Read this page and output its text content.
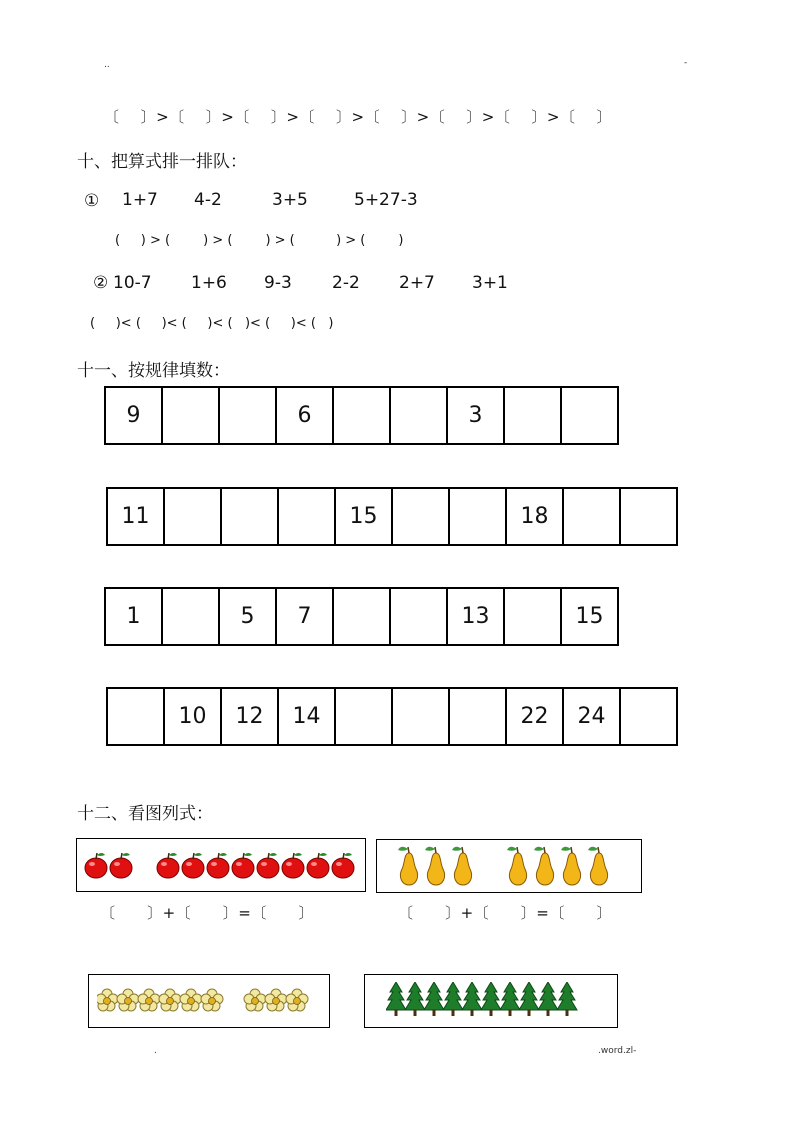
..	-
〔    〕>〔    〕>〔    〕>〔    〕>〔    〕>〔    〕>〔    〕>〔    〕
十、把算式排一排队：
① 1+7 4-2	3+5	5+27-3
(     ) > (        ) > (        ) > (          ) > (        )
② 10-7 1+6 9-3 2-2 2+7 3+1
(     )< (     )< (     )< (   )< (     )< (   )
十一、按规律填数：
9			6			3		
11				15			18		
1		5	7			13		15
	10	12	14				22	24	
十二、看图列式：
〔      〕+〔      〕=〔      〕	〔      〕+〔      〕=〔      〕
.	.word.zl-
